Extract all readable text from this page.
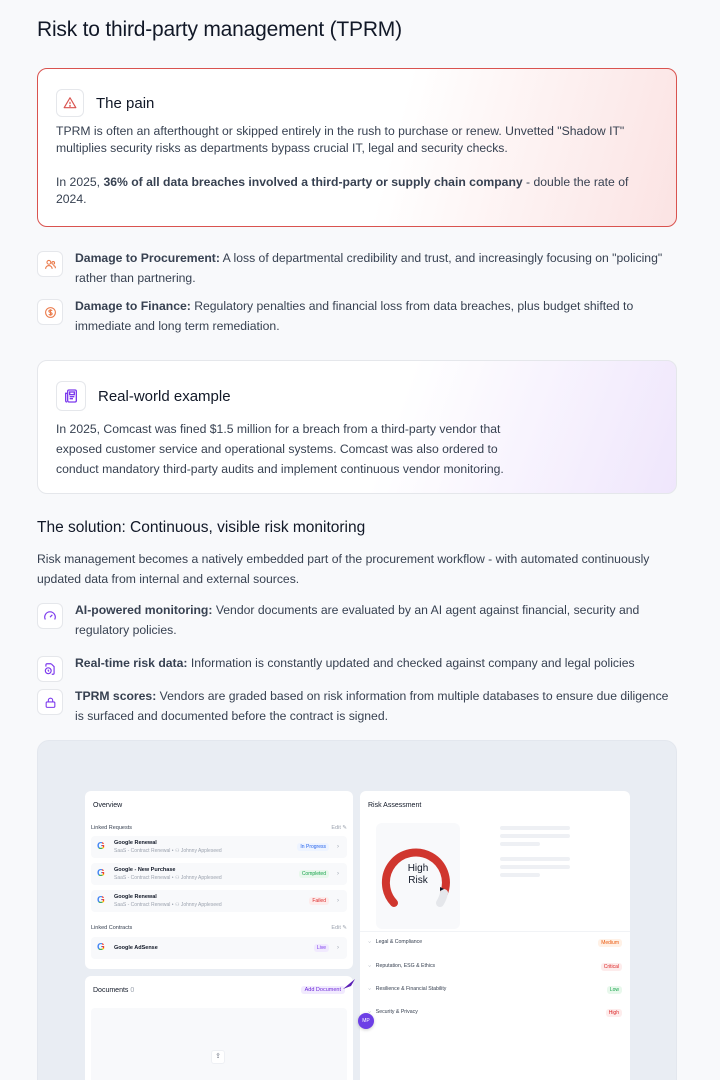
Risk to third-party management (TPRM)
The pain

TPRM is often an afterthought or skipped entirely in the rush to purchase or renew. Unvetted "Shadow IT" multiplies security risks as departments bypass crucial IT, legal and security checks.

In 2025, 36% of all data breaches involved a third-party or supply chain company - double the rate of 2024.

Damage to Procurement: A loss of departmental credibility and trust, and increasingly focusing on "policing" rather than partnering.

Damage to Finance: Regulatory penalties and financial loss from data breaches, plus budget shifted to immediate and long term remediation.

Real-world example

In 2025, Comcast was fined $1.5 million for a breach from a third-party vendor that exposed customer service and operational systems. Comcast was also ordered to conduct mandatory third-party audits and implement continuous vendor monitoring.

The solution: Continuous, visible risk monitoring

Risk management becomes a natively embedded part of the procurement workflow - with automated continuously updated data from internal and external sources.

AI-powered monitoring: Vendor documents are evaluated by an AI agent against financial, security and regulatory policies.

Real-time risk data: Information is constantly updated and checked against company and legal policies

TPRM scores: Vendors are graded based on risk information from multiple databases to ensure due diligence is surfaced and documented before the contract is signed.

Overview
Linked Requests	Edit ✎
G	Google Renewal
SaaS - Contract Renewal • ⚇ Johnny Appleseed
In Progress	›
G	Google - New Purchase
SaaS - Contract Renewal • ⚇ Johnny Appleseed
Completed	›
G	Google Renewal
SaaS - Contract Renewal • ⚇ Johnny Appleseed
Failed	›
Linked Contracts	Edit ✎
G	Google AdSense	Live	›
Documents 0	Add Document
⇪
Risk Assessment
High
Risk
› Legal & Compliance	Medium
› Reputation, ESG & Ethics	Critical
› Resilience & Financial Stability	Low
› Security & Privacy	High
MP
